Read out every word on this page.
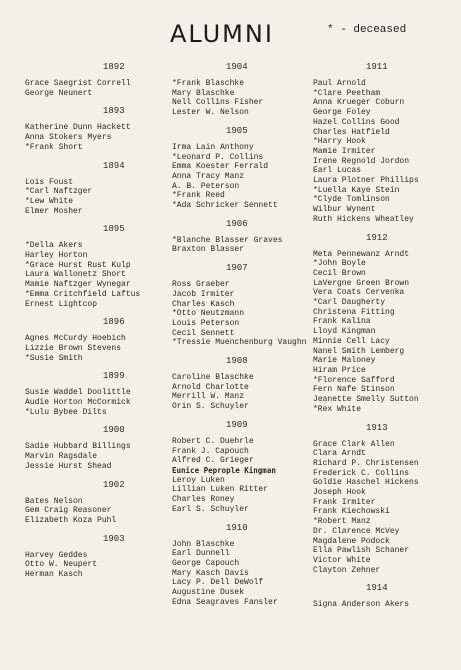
ALUMNI	* - deceased
1892
Grace Saegrist Correll
George Neunert
1893
Katherine Dunn Hackett
Anna Stokers Myers
*Frank Short
1894
Lois Foust
*Carl Naftzger
*Lew White
Elmer Mosher
1895
*Della Akers
Harley Horton
*Grace Hurst Rust Kulp
Laura Wallonetz Short
Mamie Naftzger Wynegar
*Emma Critchfield Laftus
Ernest Lightcop
1896
Agnes McCurdy Hoebich
Lizzie Brown Stevens
*Susie Smith
1899
Susie Waddel Doolittle
Audie Horton McCormick
*Lulu Bybee Dilts
1900
Sadie Hubbard Billings
Marvin Ragsdale
Jessie Hurst Shead
1902
Bates Nelson
Gem Craig Reasoner
Elizabeth Koza Puhl
1903
Harvey Geddes
Otto W. Neupert
Herman Kasch
1904
*Frank Blaschke
Mary Blaschke
Nell Collins Fisher
Lester W. Nelson
1905
Irma Lain Anthony
*Leonard P. Collins
Emma Koester Ferrald
Anna Tracy Manz
A. B. Peterson
*Frank Reed
*Ada Schricker Sennett
1906
*Blanche Blasser Graves
Braxton Blasser
1907
Ross Graeber
Jacob Irmiter
Charles Kasch
*Otto Neutzmann
Louis Peterson
Cecil Sennett
*Tressie Muenchenburg Vaughn
1908
Caroline Blaschke
Arnold Charlotte
Merrill W. Manz
Orin S. Schuyler
1909
Robert C. Duehrle
Frank J. Capouch
Alfred C. Grieger
Eunice Peprople Kingman
Leroy Luken
Lillian Luken Ritter
Charles Roney
Earl S. Schuyler
1910
John Blaschke
Earl Dunnell
George Capouch
Mary Kasch Davis
Lacy P. Dell DeWolf
Augustine Dusek
Edna Seagraves Fansler
1911
Paul Arnold
*Clare Peetham
Anna Krueger Coburn
George Foley
Hazel Collins Good
Charles Hatfield
*Harry Hook
Mamie Irmiter
Irene Regnold Jordon
Earl Lucas
Laura Plotner Phillips
*Luella Kaye Stein
*Clyde Tomlinson
Wilbur Wynent
Ruth Hickens Wheatley
1912
Meta Pennewanz Arndt
*John Boyle
Cecil Brown
LaVergne Green Brown
Vera Coats Cervenka
*Carl Daugherty
Christena Fitting
Frank Kalina
Lloyd Kingman
Minnie Cell Lacy
Nanel Smith Lemberg
Marie Maloney
Hiram Price
*Florence Safford
Fern Nafe Stinson
Jeanette Smelly Sutton
*Rex White
1913
Grace Clark Allen
Clara Arndt
Richard P. Christensen
Frederick C. Collins
Goldie Haschel Hickens
Joseph Hook
Frank Irmiter
Frank Kiechowski
*Robert Manz
Dr. Clarence McVey
Magdalene Podock
Ella Pawlish Schaner
Victor White
Clayton Zehner
1914
Signa Anderson Akers
